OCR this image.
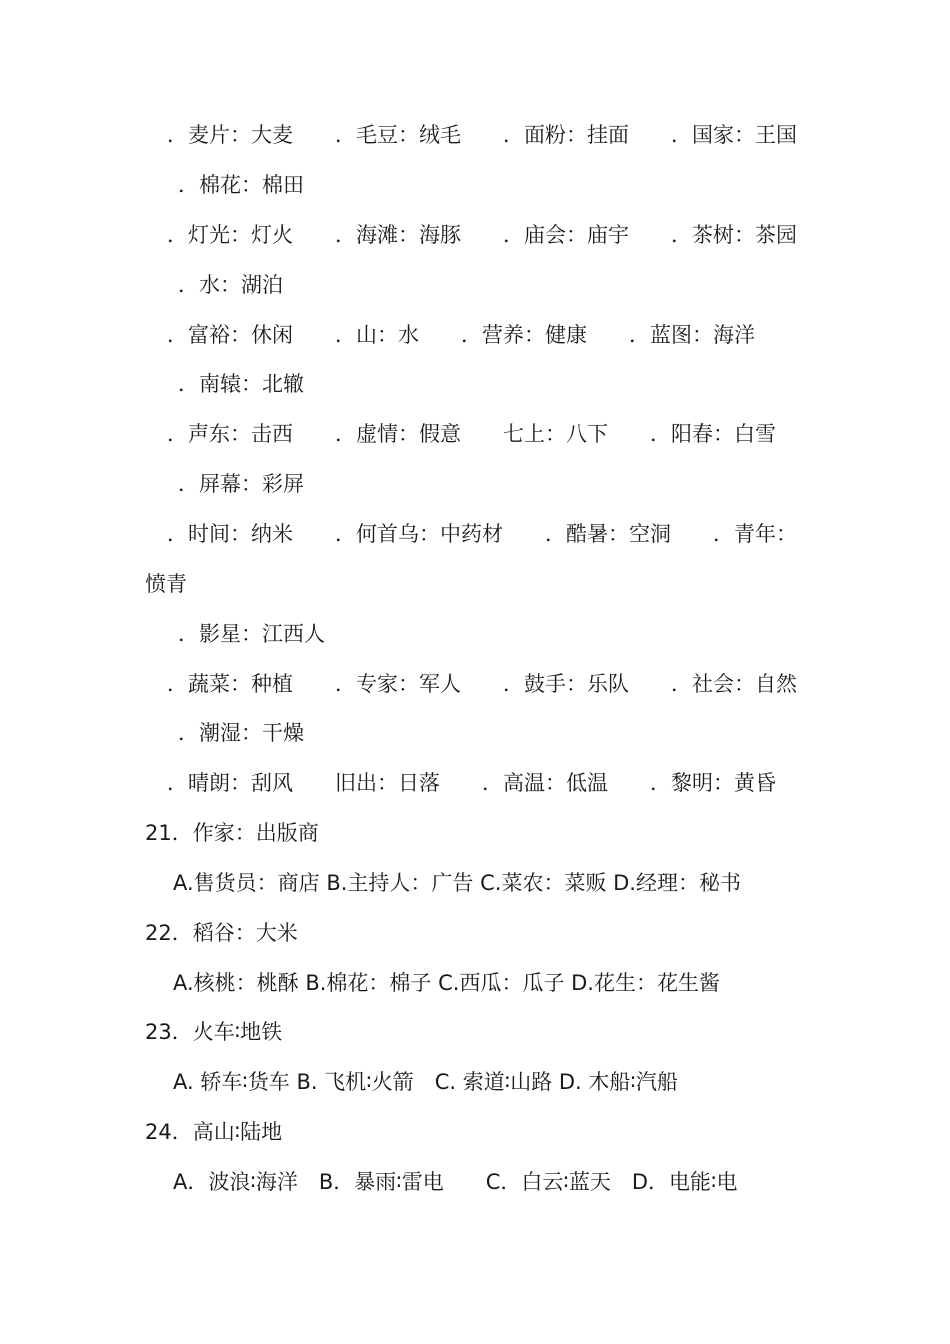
．麦片：大麦　　．毛豆：绒毛　　．面粉：挂面　　．国家：王国
．棉花：棉田
．灯光：灯火　　．海滩：海豚　　．庙会：庙宇　　．茶树：茶园
．水：湖泊
．富裕：休闲　　．山：水　　．营养：健康　　．蓝图：海洋
．南辕：北辙
．声东：击西　　．虚情：假意　　七上：八下　　．阳春：白雪
．屏幕：彩屏
．时间：纳米　　．何首乌：中药材　　．酷暑：空洞　　．青年：
愤青
．影星：江西人
．蔬菜：种植　　．专家：军人　　．鼓手：乐队　　．社会：自然
．潮湿：干燥
．晴朗：刮风　　旧出：日落　　．高温：低温　　．黎明：黄昏
21．作家：出版商
A.售货员：商店 B.主持人：广告 C.菜农：菜贩 D.经理：秘书
22．稻谷：大米
A.核桃：桃酥 B.棉花：棉子 C.西瓜：瓜子 D.花生：花生酱
23．火车∶地铁
A. 轿车∶货车 B. 飞机∶火箭　C. 索道∶山路 D. 木船∶汽船
24．高山∶陆地
A．波浪∶海洋　B．暴雨∶雷电　　C．白云∶蓝天　D．电能∶电
